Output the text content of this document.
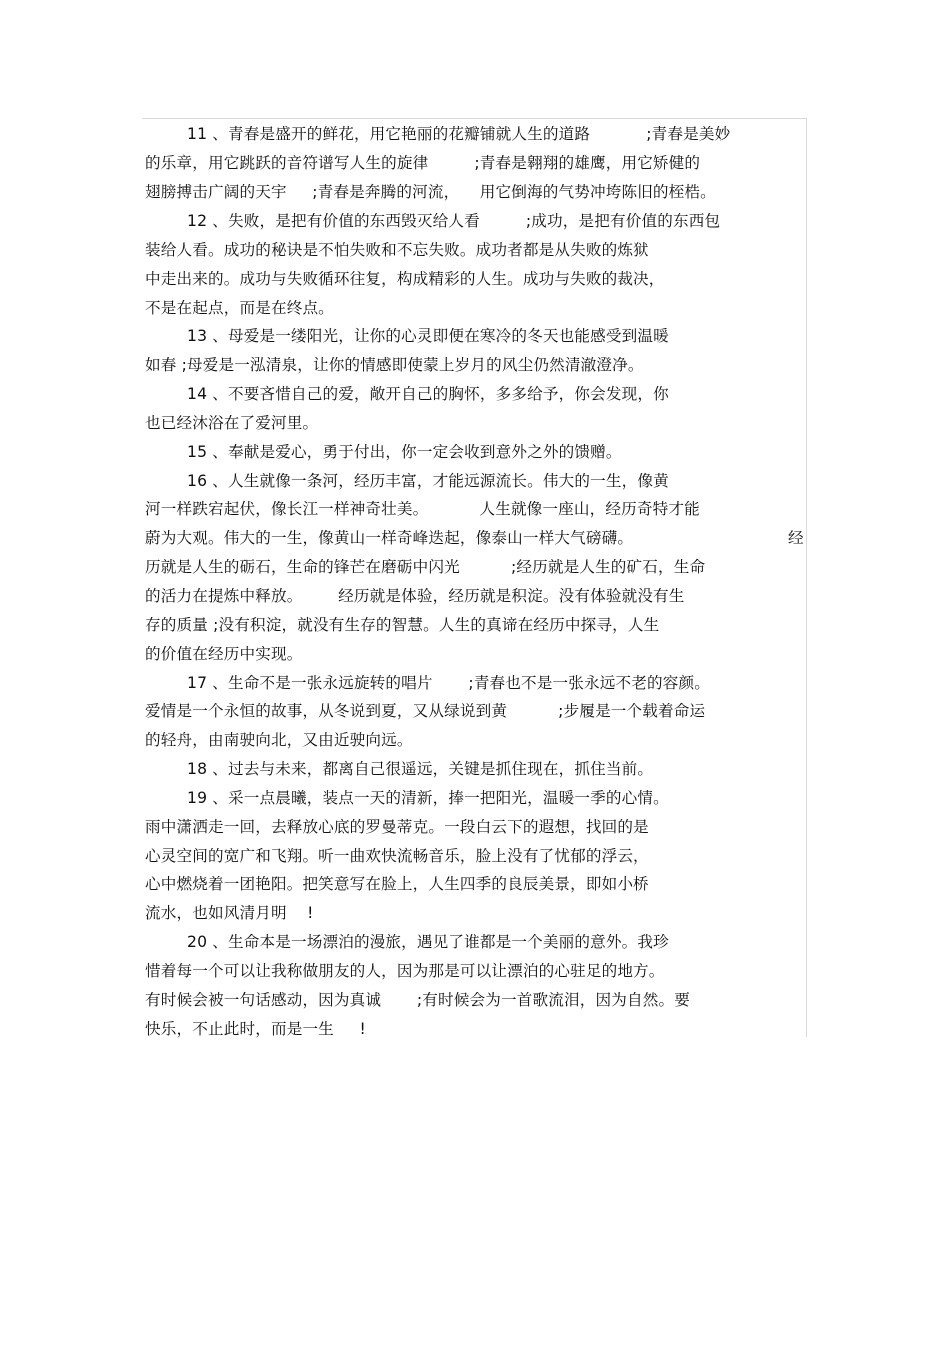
11 、青春是盛开的鲜花，用它艳丽的花瓣铺就人生的道路           ;青春是美妙
的乐章，用它跳跃的音符谱写人生的旋律         ;青春是翱翔的雄鹰，用它矫健的
翅膀搏击广阔的天宇     ;青春是奔腾的河流，    用它倒海的气势冲垮陈旧的桎梏。
12 、失败，是把有价值的东西毁灭给人看         ;成功，是把有价值的东西包
装给人看。成功的秘诀是不怕失败和不忘失败。成功者都是从失败的炼狱
中走出来的。成功与失败循环往复，构成精彩的人生。成功与失败的裁决，
不是在起点，而是在终点。
13 、母爱是一缕阳光，让你的心灵即便在寒冷的冬天也能感受到温暖
如春 ;母爱是一泓清泉，让你的情感即使蒙上岁月的风尘仍然清澈澄净。
14 、不要吝惜自己的爱，敞开自己的胸怀，多多给予，你会发现，你
也已经沐浴在了爱河里。
15 、奉献是爱心，勇于付出，你一定会收到意外之外的馈赠。
16 、人生就像一条河，经历丰富，才能远源流长。伟大的一生，像黄
河一样跌宕起伏，像长江一样神奇壮美。          人生就像一座山，经历奇特才能
蔚为大观。伟大的一生，像黄山一样奇峰迭起，像泰山一样大气磅礴。	经
历就是人生的砺石，生命的锋芒在磨砺中闪光          ;经历就是人生的矿石，生命
的活力在提炼中释放。       经历就是体验，经历就是积淀。没有体验就没有生
存的质量 ;没有积淀，就没有生存的智慧。人生的真谛在经历中探寻，人生
的价值在经历中实现。
17 、生命不是一张永远旋转的唱片       ;青春也不是一张永远不老的容颜。
爱情是一个永恒的故事，从冬说到夏，又从绿说到黄          ;步履是一个载着命运
的轻舟，由南驶向北，又由近驶向远。
18 、过去与未来，都离自己很遥远，关键是抓住现在，抓住当前。
19 、采一点晨曦，装点一天的清新，捧一把阳光，温暖一季的心情。
雨中潇洒走一回，去释放心底的罗曼蒂克。一段白云下的遐想，找回的是
心灵空间的宽广和飞翔。听一曲欢快流畅音乐，脸上没有了忧郁的浮云，
心中燃烧着一团艳阳。把笑意写在脸上，人生四季的良辰美景，即如小桥
流水，也如风清月明    !
20 、生命本是一场漂泊的漫旅，遇见了谁都是一个美丽的意外。我珍
惜着每一个可以让我称做朋友的人，因为那是可以让漂泊的心驻足的地方。
有时候会被一句话感动，因为真诚       ;有时候会为一首歌流泪，因为自然。要
快乐，不止此时，而是一生     !
